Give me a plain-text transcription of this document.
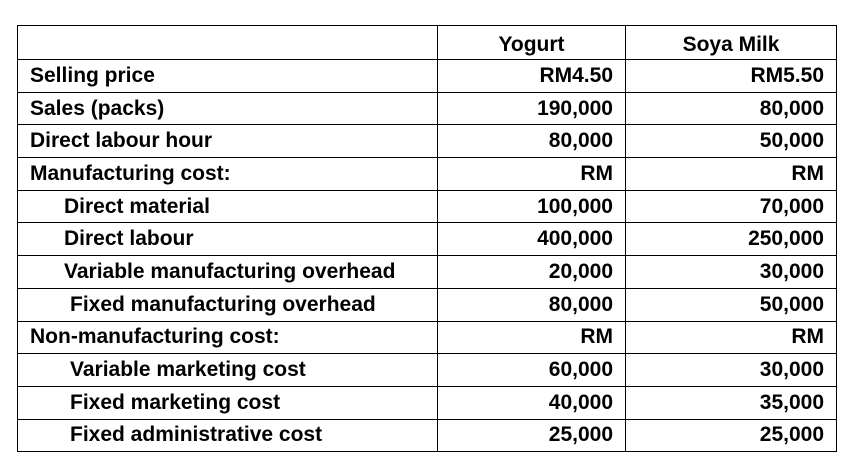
	Yogurt	Soya Milk
Selling price	RM4.50	RM5.50
Sales (packs)	190,000	80,000
Direct labour hour	80,000	50,000
Manufacturing cost:	RM	RM
Direct material	100,000	70,000
Direct labour	400,000	250,000
Variable manufacturing overhead	20,000	30,000
Fixed manufacturing overhead	80,000	50,000
Non-manufacturing cost:	RM	RM
Variable marketing cost	60,000	30,000
Fixed marketing cost	40,000	35,000
Fixed administrative cost	25,000	25,000
